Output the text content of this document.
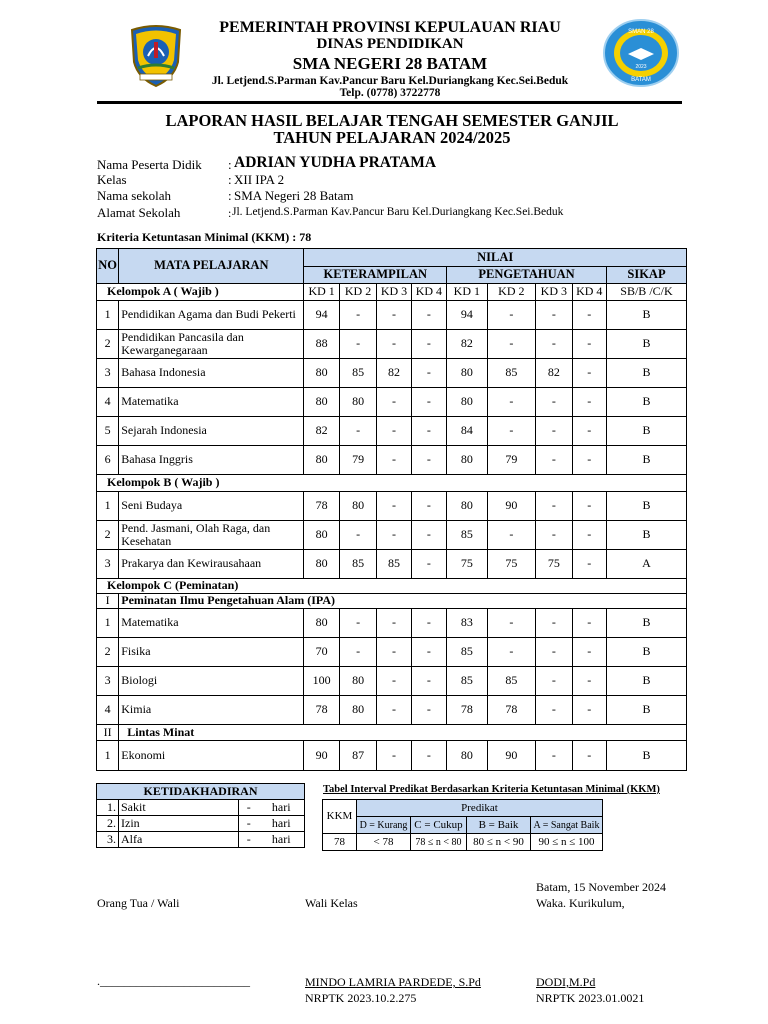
SMAN 28
2023
BATAM
PEMERINTAH PROVINSI KEPULAUAN RIAU
DINAS PENDIDIKAN
SMA NEGERI 28 BATAM
Jl. Letjend.S.Parman Kav.Pancur Baru Kel.Duriangkang Kec.Sei.Beduk
Telp. (0778) 3722778
LAPORAN HASIL BELAJAR TENGAH SEMESTER GANJIL
TAHUN PELAJARAN 2024/2025
Nama Peserta Didik : ADRIAN YUDHA PRATAMA
Kelas	: XII IPA 2
Nama sekolah	: SMA Negeri 28 Batam
Alamat Sekolah	: Jl. Letjend.S.Parman Kav.Pancur Baru Kel.Duriangkang Kec.Sei.Beduk
Kriteria Ketuntasan Minimal (KKM) : 78
NO	MATA PELAJARAN	NILAI								
		KETERAMPILAN				PENGETAHUAN				SIKAP
Kelompok A ( Wajib )		KD 1	KD 2	KD 3	KD 4	KD 1	KD 2	KD 3	KD 4	SB/B /C/K
1	Pendidikan Agama dan Budi Pekerti	94	-	-	-	94	-	-	-	B
2	Pendidikan Pancasila dan Kewarganegaraan	88	-	-	-	82	-	-	-	B
3	Bahasa Indonesia	80	85	82	-	80	85	82	-	B
4	Matematika	80	80	-	-	80	-	-	-	B
5	Sejarah Indonesia	82	-	-	-	84	-	-	-	B
6	Bahasa Inggris	80	79	-	-	80	79	-	-	B
Kelompok B ( Wajib )										
1	Seni Budaya	78	80	-	-	80	90	-	-	B
2	Pend. Jasmani, Olah Raga, dan Kesehatan	80	-	-	-	85	-	-	-	B
3	Prakarya dan Kewirausahaan	80	85	85	-	75	75	75	-	A
Kelompok C (Peminatan)										
I	Peminatan Ilmu Pengetahuan Alam (IPA)									
1	Matematika	80	-	-	-	83	-	-	-	B
2	Fisika	70	-	-	-	85	-	-	-	B
3	Biologi	100	80	-	-	85	85	-	-	B
4	Kimia	78	80	-	-	78	78	-	-	B
II	Lintas Minat									
1	Ekonomi	90	87	-	-	80	90	-	-	B
KETIDAKHADIRAN			
1.	Sakit	-	hari
2.	Izin	-	hari
3.	Alfa	-	hari
Tabel Interval Predikat Berdasarkan Kriteria Ketuntasan Minimal (KKM)
KKM	Predikat			
	D = Kurang	C = Cukup	B = Baik	A = Sangat Baik
78	< 78	78 ≤ n < 80	80 ≤ n < 90	90 ≤ n ≤ 100
Batam, 15 November 2024
Orang Tua / Wali	Wali Kelas	Waka. Kurikulum,
._________________________	MINDO LAMRIA PARDEDE, S.Pd
NRPTK 2023.10.2.275
DODI,M.Pd
NRPTK 2023.01.0021
